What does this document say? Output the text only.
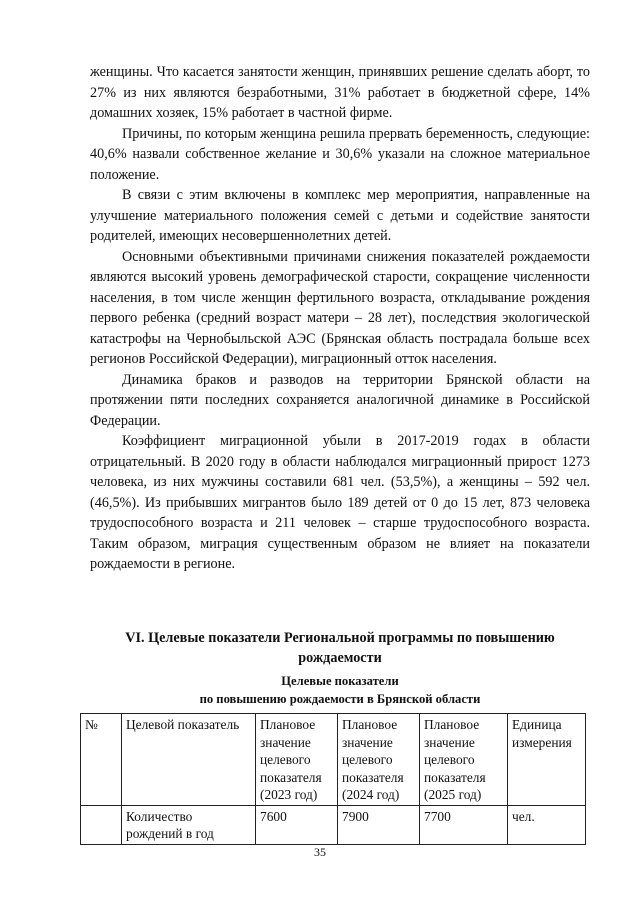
женщины. Что касается занятости женщин, принявших решение сделать аборт, то 27% из них являются безработными, 31% работает в бюджетной сфере, 14% домашних хозяек, 15% работает в частной фирме.

Причины, по которым женщина решила прервать беременность, следующие: 40,6% назвали собственное желание и 30,6% указали на сложное материальное положение.

В связи с этим включены в комплекс мер мероприятия, направленные на улучшение материального положения семей с детьми и содействие занятости родителей, имеющих несовершеннолетних детей.

Основными объективными причинами снижения показателей рождаемости являются высокий уровень демографической старости, сокращение численности населения, в том числе женщин фертильного возраста, откладывание рождения первого ребенка (средний возраст матери – 28 лет), последствия экологической катастрофы на Чернобыльской АЭС (Брянская область пострадала больше всех регионов Российской Федерации), миграционный отток населения.

Динамика браков и разводов на территории Брянской области на протяжении пяти последних сохраняется аналогичной динамике в Российской Федерации.

Коэффициент миграционной убыли в 2017-2019 годах в области отрицательный. В 2020 году в области наблюдался миграционный прирост 1273 человека, из них мужчины составили 681 чел. (53,5%), а женщины – 592 чел. (46,5%). Из прибывших мигрантов было 189 детей от 0 до 15 лет, 873 человека трудоспособного возраста и 211 человек – старше трудоспособного возраста. Таким образом, миграция существенным образом не влияет на показатели рождаемости в регионе.

VI. Целевые показатели Региональной программы по повышению рождаемости
Целевые показатели
по повышению рождаемости в Брянской области
№	Целевой показатель	Плановое значение целевого показателя (2023 год)	Плановое значение целевого показателя (2024 год)	Плановое значение целевого показателя (2025 год)	Единица измерения
	Количество рождений в год	7600	7900	7700	чел.
35
